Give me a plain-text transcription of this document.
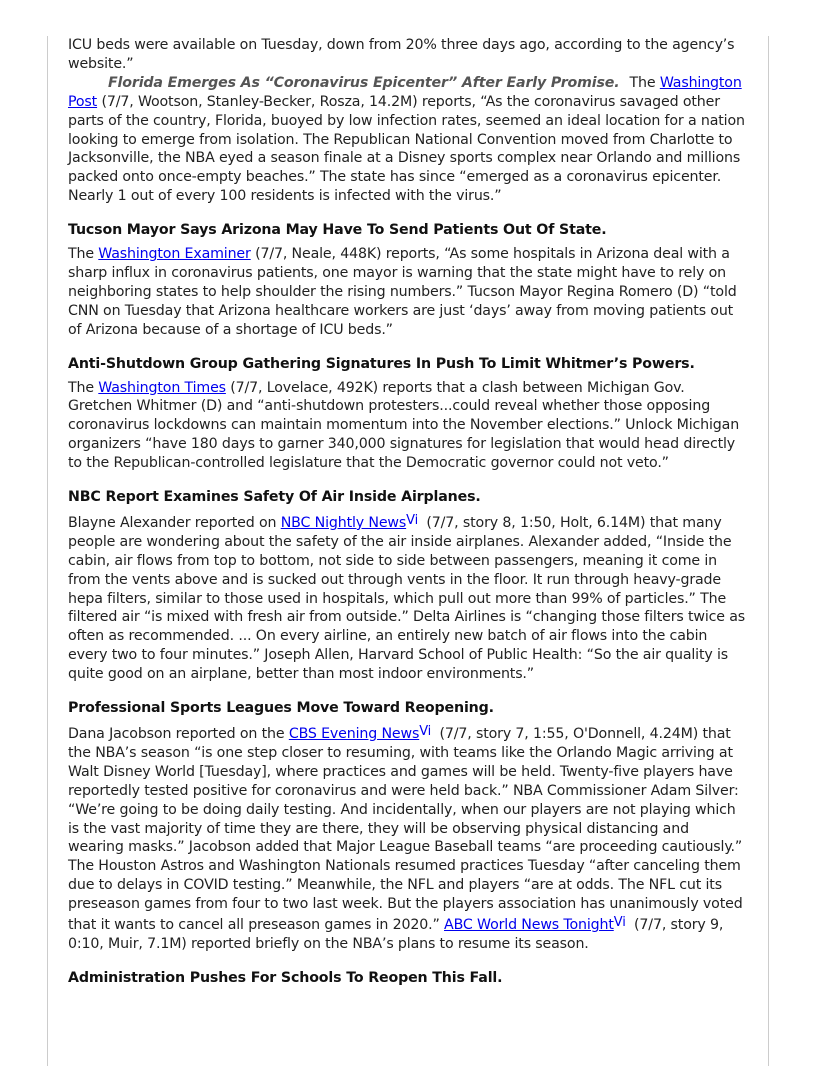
ICU beds were available on Tuesday, down from 20% three days ago, according to the agency’s website.”

Florida Emerges As “Coronavirus Epicenter” After Early Promise. The Washington Post (7/7, Wootson, Stanley-Becker, Rosza, 14.2M) reports, “As the coronavirus savaged other parts of the country, Florida, buoyed by low infection rates, seemed an ideal location for a nation looking to emerge from isolation. The Republican National Convention moved from Charlotte to Jacksonville, the NBA eyed a season finale at a Disney sports complex near Orlando and millions packed onto once-empty beaches.” The state has since “emerged as a coronavirus epicenter. Nearly 1 out of every 100 residents is infected with the virus.”

Tucson Mayor Says Arizona May Have To Send Patients Out Of State.

The Washington Examiner (7/7, Neale, 448K) reports, “As some hospitals in Arizona deal with a sharp influx in coronavirus patients, one mayor is warning that the state might have to rely on neighboring states to help shoulder the rising numbers.” Tucson Mayor Regina Romero (D) “told CNN on Tuesday that Arizona healthcare workers are just ‘days’ away from moving patients out of Arizona because of a shortage of ICU beds.”

Anti-Shutdown Group Gathering Signatures In Push To Limit Whitmer’s Powers.

The Washington Times (7/7, Lovelace, 492K) reports that a clash between Michigan Gov. Gretchen Whitmer (D) and “anti-shutdown protesters...could reveal whether those opposing coronavirus lockdowns can maintain momentum into the November elections.” Unlock Michigan organizers “have 180 days to garner 340,000 signatures for legislation that would head directly to the Republican-controlled legislature that the Democratic governor could not veto.”

NBC Report Examines Safety Of Air Inside Airplanes.

Blayne Alexander reported on NBC Nightly NewsVi (7/7, story 8, 1:50, Holt, 6.14M) that many people are wondering about the safety of the air inside airplanes. Alexander added, “Inside the cabin, air flows from top to bottom, not side to side between passengers, meaning it come in from the vents above and is sucked out through vents in the floor. It run through heavy-grade hepa filters, similar to those used in hospitals, which pull out more than 99% of particles.” The filtered air “is mixed with fresh air from outside.” Delta Airlines is “changing those filters twice as often as recommended. ... On every airline, an entirely new batch of air flows into the cabin every two to four minutes.” Joseph Allen, Harvard School of Public Health: “So the air quality is quite good on an airplane, better than most indoor environments.”

Professional Sports Leagues Move Toward Reopening.

Dana Jacobson reported on the CBS Evening NewsVi (7/7, story 7, 1:55, O'Donnell, 4.24M) that the NBA’s season “is one step closer to resuming, with teams like the Orlando Magic arriving at Walt Disney World [Tuesday], where practices and games will be held. Twenty-five players have reportedly tested positive for coronavirus and were held back.” NBA Commissioner Adam Silver: “We’re going to be doing daily testing. And incidentally, when our players are not playing which is the vast majority of time they are there, they will be observing physical distancing and wearing masks.” Jacobson added that Major League Baseball teams “are proceeding cautiously.” The Houston Astros and Washington Nationals resumed practices Tuesday “after canceling them due to delays in COVID testing.” Meanwhile, the NFL and players “are at odds. The NFL cut its preseason games from four to two last week. But the players association has unanimously voted that it wants to cancel all preseason games in 2020.” ABC World News TonightVi (7/7, story 9, 0:10, Muir, 7.1M) reported briefly on the NBA’s plans to resume its season.

Administration Pushes For Schools To Reopen This Fall.
